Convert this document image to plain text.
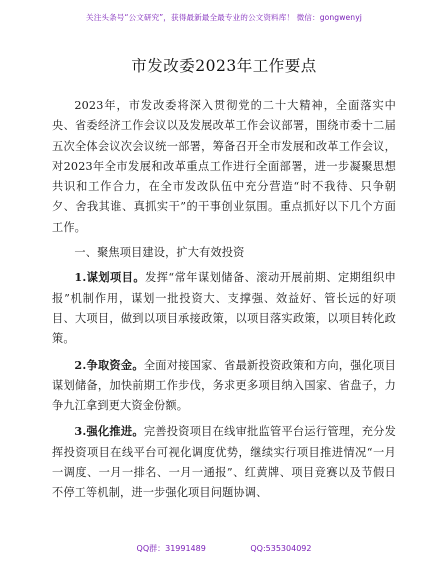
关注头条号“公文研究”，获得最新最全最专业的公文资料库！ 微信：gongwenyj
市发改委2023年工作要点

2023年，市发改委将深入贯彻党的二十大精神，全面落实中央、省委经济工作会议以及发展改革工作会议部署，围绕市委十二届五次全体会议次会议统一部署，筹备召开全市发展和改革工作会议，对2023年全市发展和改革重点工作进行全面部署，进一步凝聚思想共识和工作合力，在全市发改队伍中充分营造“时不我待、只争朝夕、舍我其谁、真抓实干”的干事创业氛围。重点抓好以下几个方面工作。

一、聚焦项目建设，扩大有效投资

1.谋划项目。发挥“常年谋划储备、滚动开展前期、定期组织申报”机制作用，谋划一批投资大、支撑强、效益好、管长远的好项目、大项目，做到以项目承接政策，以项目落实政策，以项目转化政策。

2.争取资金。全面对接国家、省最新投资政策和方向，强化项目谋划储备，加快前期工作步伐，务求更多项目纳入国家、省盘子，力争九江拿到更大资金份额。

3.强化推进。完善投资项目在线审批监管平台运行管理，充分发挥投资项目在线平台可视化调度优势，继续实行项目推进情况“一月一调度、一月一排名、一月一通报”、红黄牌、项目竞赛以及节假日不停工等机制，进一步强化项目问题协调、

QQ群：31991489	QQ:535304092
